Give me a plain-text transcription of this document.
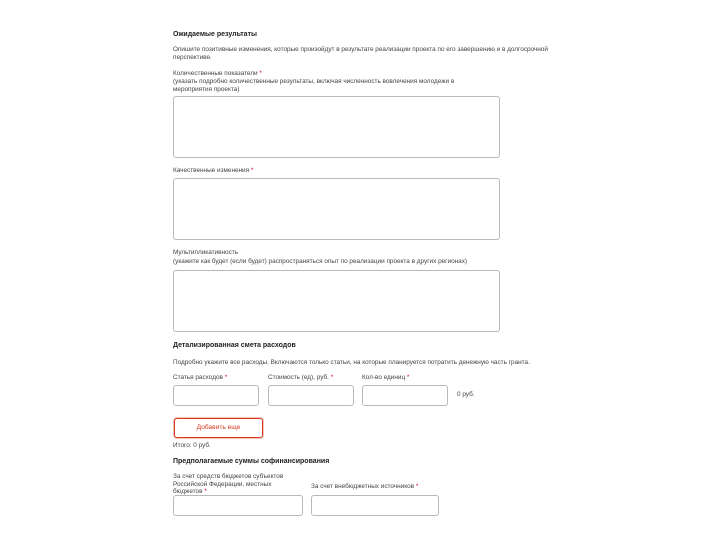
Ожидаемые результаты
Опишите позитивные изменения, которые произойдут в результате реализации проекта по его завершению и в долгосрочной перспективе.
Количественные показатели *
(указать подробно количественные результаты, включая численность вовлечения молодежи в мероприятия проекта)
Качественные изменения *
Мультипликативность
(укажите как будет (если будет) распространяться опыт по реализации проекта в других регионах)
Детализированная смета расходов
Подробно укажите все расходы. Включаются только статьи, на которые планируется потратить денежную часть гранта.
Статья расходов *	Стоимость (ед), руб. *	Кол-во единиц *
0 руб.
Добавить еще
Итого: 0 руб.
Предполагаемые суммы софинансирования
За счет средств бюджетов субъектов Российской Федерации, местных бюджетов *
За счет внебюджетных источников *
